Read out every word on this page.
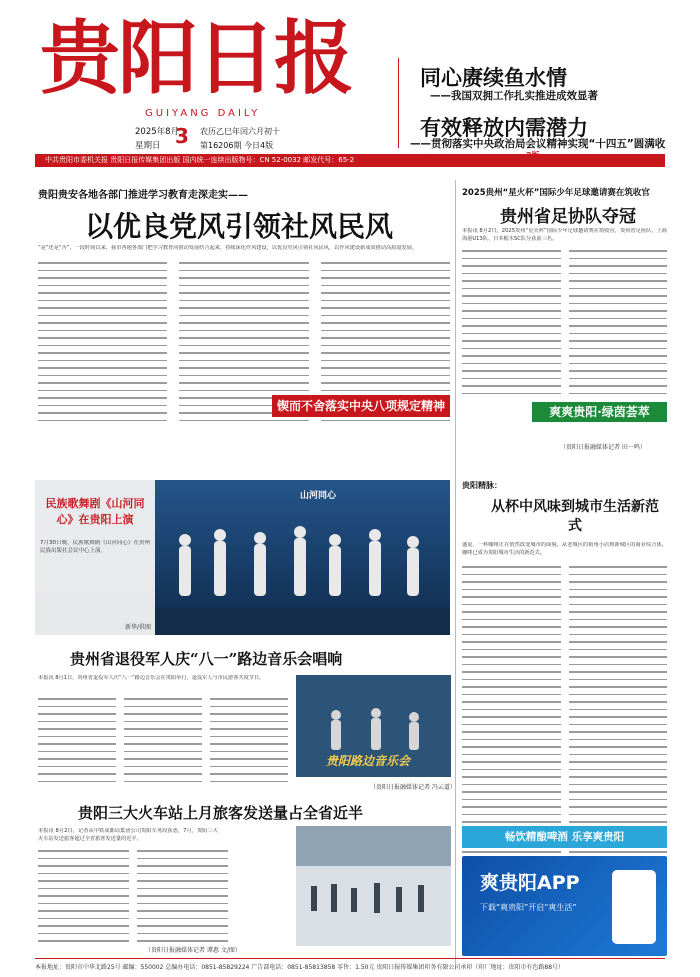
贵阳日报
GUIYANG DAILY
2025年8月
星期日 3 农历乙巳年闰六月初十
第16206期 今日4版
同心赓续鱼水情
——我国双拥工作扎实推进成效显著
有效释放内需潜力
——贯彻落实中央政治局会议精神实现“十四五”圆满收
中共贵阳市委机关报 贵阳日报传媒集团出版 国内统一连续出版物号：CN 52-0032 邮发代号：65-2
贵阳贵安各地各部门推进学习教育走深走实——
以优良党风引领社风民风
“是”还是“否”，一段时间以来，我市各地各部门把学习教育同推动发展结合起来，持续深化作风建设，以优良党风引领社风民风，以作风建设新成效推动高质量发展。
锲而不舍落实中央八项规定精神
2025贵州“星火杯”国际少年足球邀请赛在筑收官
贵州省足协队夺冠
本报讯 8月2日，2025贵州“星火杯”国际少年足球邀请赛在筑收官，贵州省足协队、上海海港U13队、日本栃木SC队分获前三名。
（贵阳日报融媒体记者 田一鸣）
爽爽贵阳·绿茵荟萃
山河同心
民族歌舞剧《山河同心》在贵阳上演
7月30日晚，民族歌舞剧《山河同心》在贵州民族出版社会议中心上演。
新华/供图
贵阳精脉：
从杯中风味到城市生活新范式
盛夏，一杯咖啡正在悄然改变城市的面貌。从老城区的街角小店到新城区的商业综合体，咖啡已成为贵阳城市生活的新范式。
贵州省退役军人庆“八一”路边音乐会唱响
本报讯 8月1日，贵州省退役军人庆“八一”路边音乐会在贵阳举行，退役军人与市民游客共度节日。
贵阳路边音乐会
（贵阳日报融媒体记者 冯云道）
贵阳三大火车站上月旅客发送量占全省近半
本报讯 8月2日，记者从中铁成都局集团公司贵阳车务段获悉，7月，贵阳三大火车站发送旅客超过全省旅客发送量的近半。
（贵阳日报融媒体记者 谭惠 文/图）
畅饮精酿啤酒 乐享爽贵阳
爽贵阳APP
下载“爽贵阳”开启“爽生活”
本报地址：贵阳市中华北路25号 邮编：550002 总编办电话：0851-85829224 广告部电话：0851-85813858 零售：1.50元 贵阳日报传媒集团印务有限公司承印（印厂地址：贵阳市有色路88号）
